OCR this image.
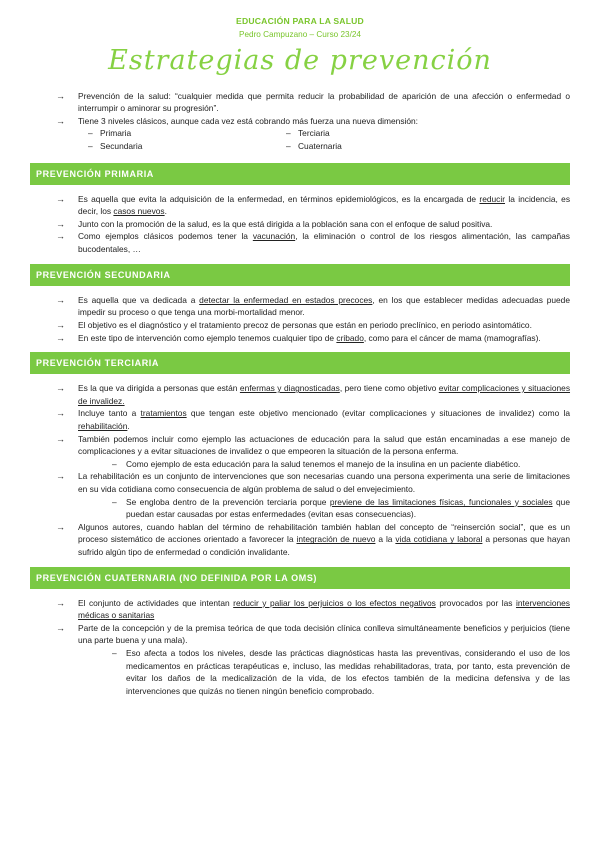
EDUCACIÓN PARA LA SALUD
Pedro Campuzano – Curso 23/24
Estrategias de prevención
→ Prevención de la salud: “cualquier medida que permita reducir la probabilidad de aparición de una afección o enfermedad o interrumpir o aminorar su progresión”.
→ Tiene 3 niveles clásicos, aunque cada vez está cobrando más fuerza una nueva dimensión:
– Primaria
– Secundaria
– Terciaria
– Cuaternaria
PREVENCIÓN PRIMARIA
→ Es aquella que evita la adquisición de la enfermedad, en términos epidemiológicos, es la encargada de reducir la incidencia, es decir, los casos nuevos.
→ Junto con la promoción de la salud, es la que está dirigida a la población sana con el enfoque de salud positiva.
→ Como ejemplos clásicos podemos tener la vacunación, la eliminación o control de los riesgos alimentación, las campañas bucodentales, …
PREVENCIÓN SECUNDARIA
→ Es aquella que va dedicada a detectar la enfermedad en estados precoces, en los que establecer medidas adecuadas puede impedir su proceso o que tenga una morbi-mortalidad menor.
→ El objetivo es el diagnóstico y el tratamiento precoz de personas que están en periodo preclínico, en periodo asintomático.
→ En este tipo de intervención como ejemplo tenemos cualquier tipo de cribado, como para el cáncer de mama (mamografías).
PREVENCIÓN TERCIARIA
→ Es la que va dirigida a personas que están enfermas y diagnosticadas, pero tiene como objetivo evitar complicaciones y situaciones de invalidez.
→ Incluye tanto a tratamientos que tengan este objetivo mencionado (evitar complicaciones y situaciones de invalidez) como la rehabilitación.
→ También podemos incluir como ejemplo las actuaciones de educación para la salud que están encaminadas a ese manejo de complicaciones y a evitar situaciones de invalidez o que empeoren la situación de la persona enferma.
– Como ejemplo de esta educación para la salud tenemos el manejo de la insulina en un paciente diabético.
→ La rehabilitación es un conjunto de intervenciones que son necesarias cuando una persona experimenta una serie de limitaciones en su vida cotidiana como consecuencia de algún problema de salud o del envejecimiento.
– Se engloba dentro de la prevención terciaria porque previene de las limitaciones físicas, funcionales y sociales que puedan estar causadas por estas enfermedades (evitan esas consecuencias).
→ Algunos autores, cuando hablan del término de rehabilitación también hablan del concepto de “reinserción social”, que es un proceso sistemático de acciones orientado a favorecer la integración de nuevo a la vida cotidiana y laboral a personas que hayan sufrido algún tipo de enfermedad o condición invalidante.
PREVENCIÓN CUATERNARIA (NO DEFINIDA POR LA OMS)
→ El conjunto de actividades que intentan reducir y paliar los perjuicios o los efectos negativos provocados por las intervenciones médicas o sanitarias
→ Parte de la concepción y de la premisa teórica de que toda decisión clínica conlleva simultáneamente beneficios y perjuicios (tiene una parte buena y una mala).
– Eso afecta a todos los niveles, desde las prácticas diagnósticas hasta las preventivas, considerando el uso de los medicamentos en prácticas terapéuticas e, incluso, las medidas rehabilitadoras, trata, por tanto, esta prevención de evitar los daños de la medicalización de la vida, de los efectos también de la medicina defensiva y de las intervenciones que quizás no tienen ningún beneficio comprobado.
